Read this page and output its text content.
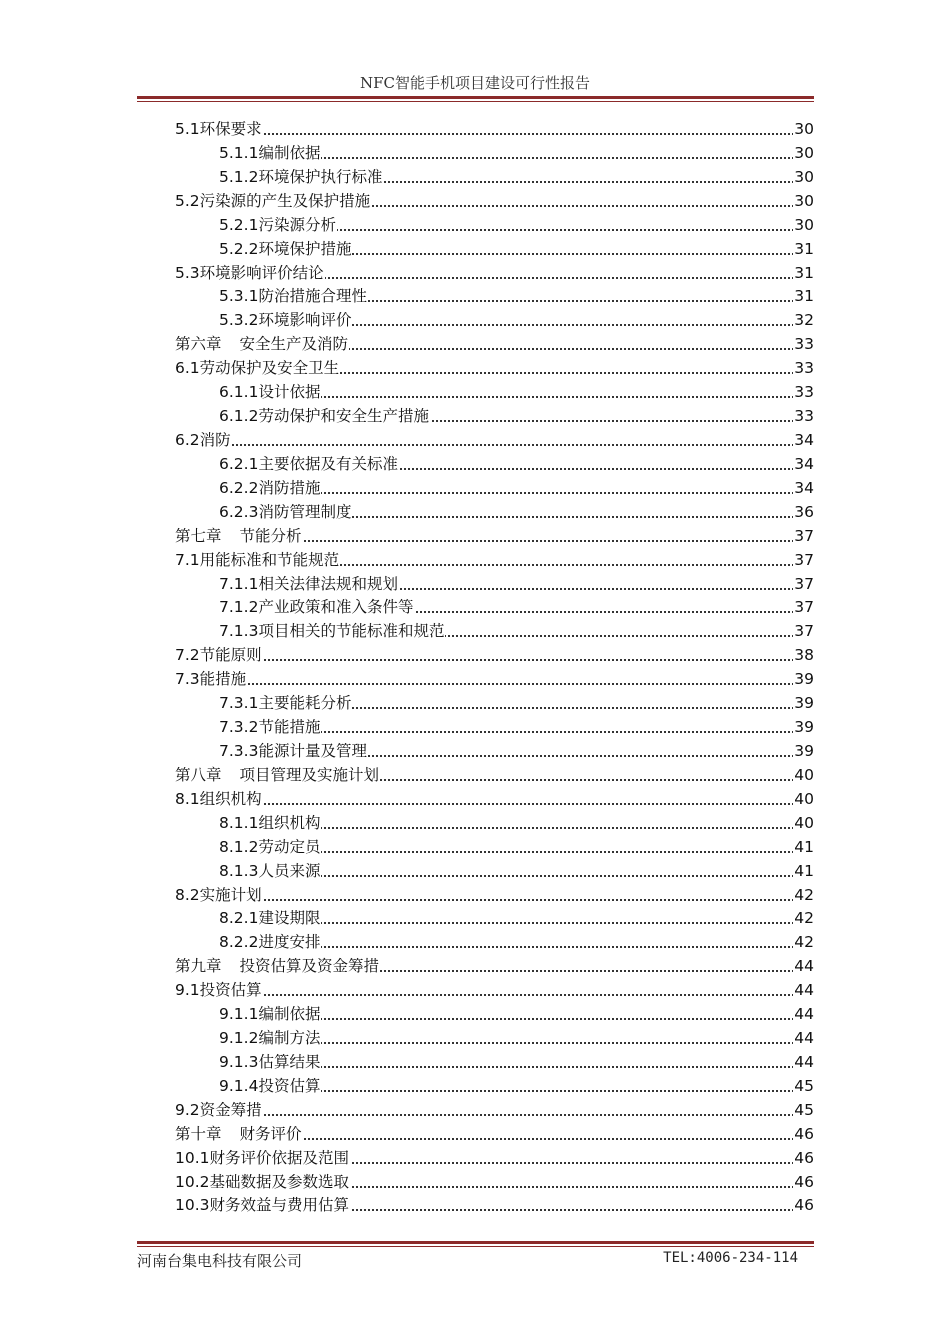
NFC智能手机项目建设可行性报告
5.1环保要求	30
5.1.1编制依据	30
5.1.2环境保护执行标准	30
5.2污染源的产生及保护措施	30
5.2.1污染源分析	30
5.2.2环境保护措施	31
5.3环境影响评价结论	31
5.3.1防治措施合理性	31
5.3.2环境影响评价	32
第六章 安全生产及消防	33
6.1劳动保护及安全卫生	33
6.1.1设计依据	33
6.1.2劳动保护和安全生产措施	33
6.2消防	34
6.2.1主要依据及有关标准	34
6.2.2消防措施	34
6.2.3消防管理制度	36
第七章 节能分析	37
7.1用能标准和节能规范	37
7.1.1相关法律法规和规划	37
7.1.2产业政策和准入条件等	37
7.1.3项目相关的节能标准和规范	37
7.2节能原则	38
7.3能措施	39
7.3.1主要能耗分析	39
7.3.2节能措施	39
7.3.3能源计量及管理	39
第八章 项目管理及实施计划	40
8.1组织机构	40
8.1.1组织机构	40
8.1.2劳动定员	41
8.1.3人员来源	41
8.2实施计划	42
8.2.1建设期限	42
8.2.2进度安排	42
第九章 投资估算及资金筹措	44
9.1投资估算	44
9.1.1编制依据	44
9.1.2编制方法	44
9.1.3估算结果	44
9.1.4投资估算	45
9.2资金筹措	45
第十章 财务评价	46
10.1财务评价依据及范围	46
10.2基础数据及参数选取	46
10.3财务效益与费用估算	46
河南台集电科技有限公司	TEL:4006-234-114
